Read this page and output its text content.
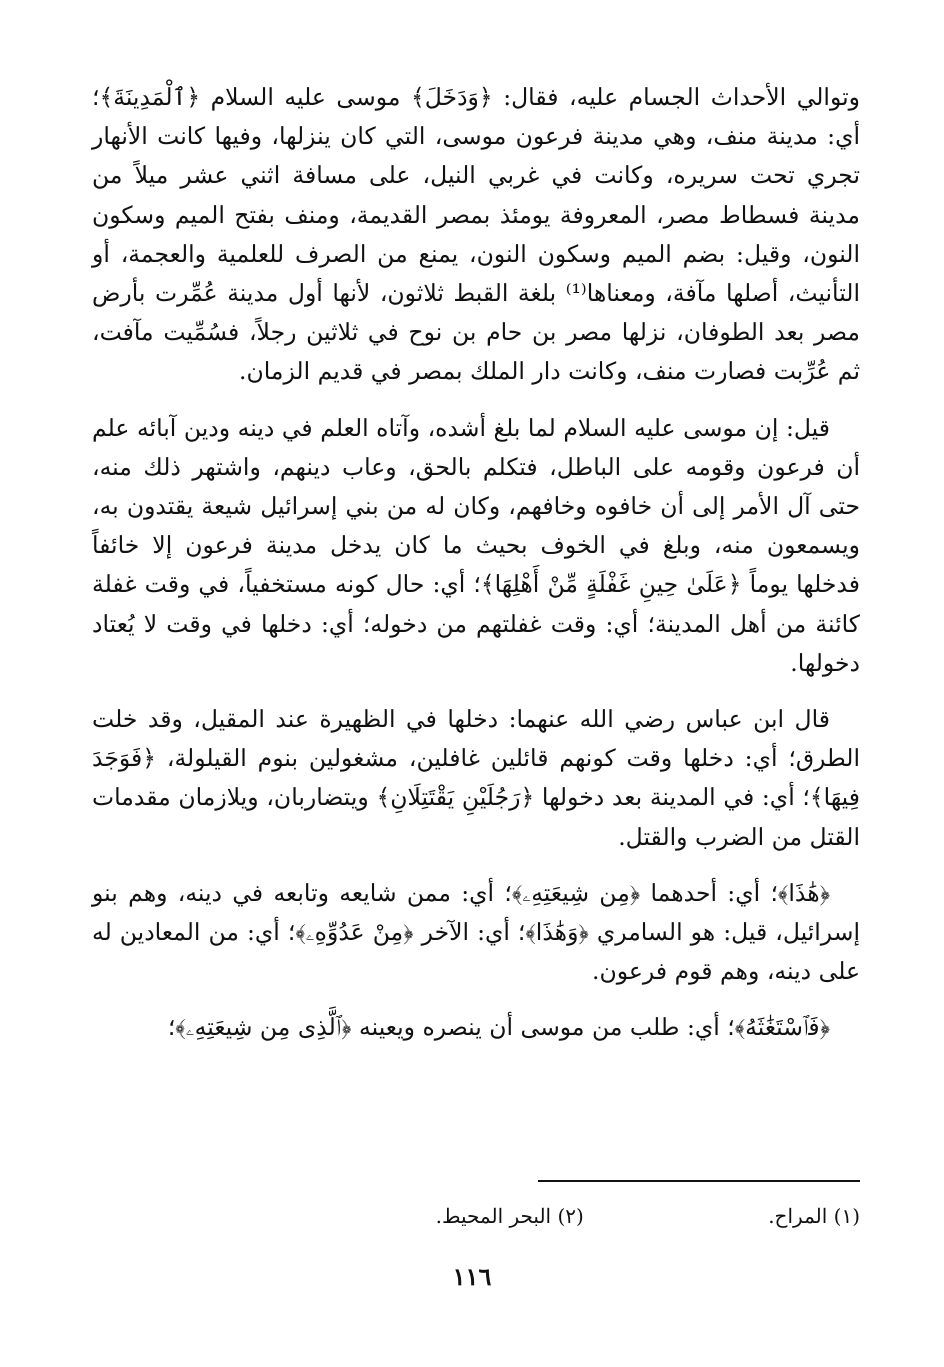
وتوالي الأحداث الجسام عليه، فقال: ﴿وَدَخَلَ﴾ موسى عليه السلام ﴿ٱلْمَدِينَةَ﴾؛ أي: مدينة منف، وهي مدينة فرعون موسى، التي كان ينزلها، وفيها كانت الأنهار تجري تحت سريره، وكانت في غربي النيل، على مسافة اثني عشر ميلاً من مدينة فسطاط مصر، المعروفة يومئذ بمصر القديمة، ومنف بفتح الميم وسكون النون، وقيل: بضم الميم وسكون النون، يمنع من الصرف للعلمية والعجمة، أو التأنيث، أصلها مآفة، ومعناها⁽¹⁾ بلغة القبط ثلاثون، لأنها أول مدينة عُمِّرت بأرض مصر بعد الطوفان، نزلها مصر بن حام بن نوح في ثلاثين رجلاً، فسُمِّيت مآفت، ثم عُرِّبت فصارت منف، وكانت دار الملك بمصر في قديم الزمان.

قيل: إن موسى عليه السلام لما بلغ أشده، وآتاه العلم في دينه ودين آبائه علم أن فرعون وقومه على الباطل، فتكلم بالحق، وعاب دينهم، واشتهر ذلك منه، حتى آل الأمر إلى أن خافوه وخافهم، وكان له من بني إسرائيل شيعة يقتدون به، ويسمعون منه، وبلغ في الخوف بحيث ما كان يدخل مدينة فرعون إلا خائفاً فدخلها يوماً ﴿عَلَىٰ حِينِ غَفْلَةٍ مِّنْ أَهْلِهَا﴾؛ أي: حال كونه مستخفياً، في وقت غفلة كائنة من أهل المدينة؛ أي: وقت غفلتهم من دخوله؛ أي: دخلها في وقت لا يُعتاد دخولها.

قال ابن عباس رضي الله عنهما: دخلها في الظهيرة عند المقيل، وقد خلت الطرق؛ أي: دخلها وقت كونهم قائلين غافلين، مشغولين بنوم القيلولة، ﴿فَوَجَدَ فِيهَا﴾؛ أي: في المدينة بعد دخولها ﴿رَجُلَيْنِ يَقْتَتِلَانِ﴾ ويتضاربان، ويلازمان مقدمات القتل من الضرب والقتل.

﴿هَٰذَا﴾؛ أي: أحدهما ﴿مِن شِيعَتِهِۦ﴾؛ أي: ممن شايعه وتابعه في دينه، وهم بنو إسرائيل، قيل: هو السامري ﴿وَهَٰذَا﴾؛ أي: الآخر ﴿مِنْ عَدُوِّهِۦ﴾؛ أي: من المعادين له على دينه، وهم قوم فرعون.

﴿فَٱسْتَغَٰثَهُ﴾؛ أي: طلب من موسى أن ينصره ويعينه ﴿ٱلَّذِى مِن شِيعَتِهِۦ﴾؛

(١) المراح. (٢) البحر المحيط.
١١٦
